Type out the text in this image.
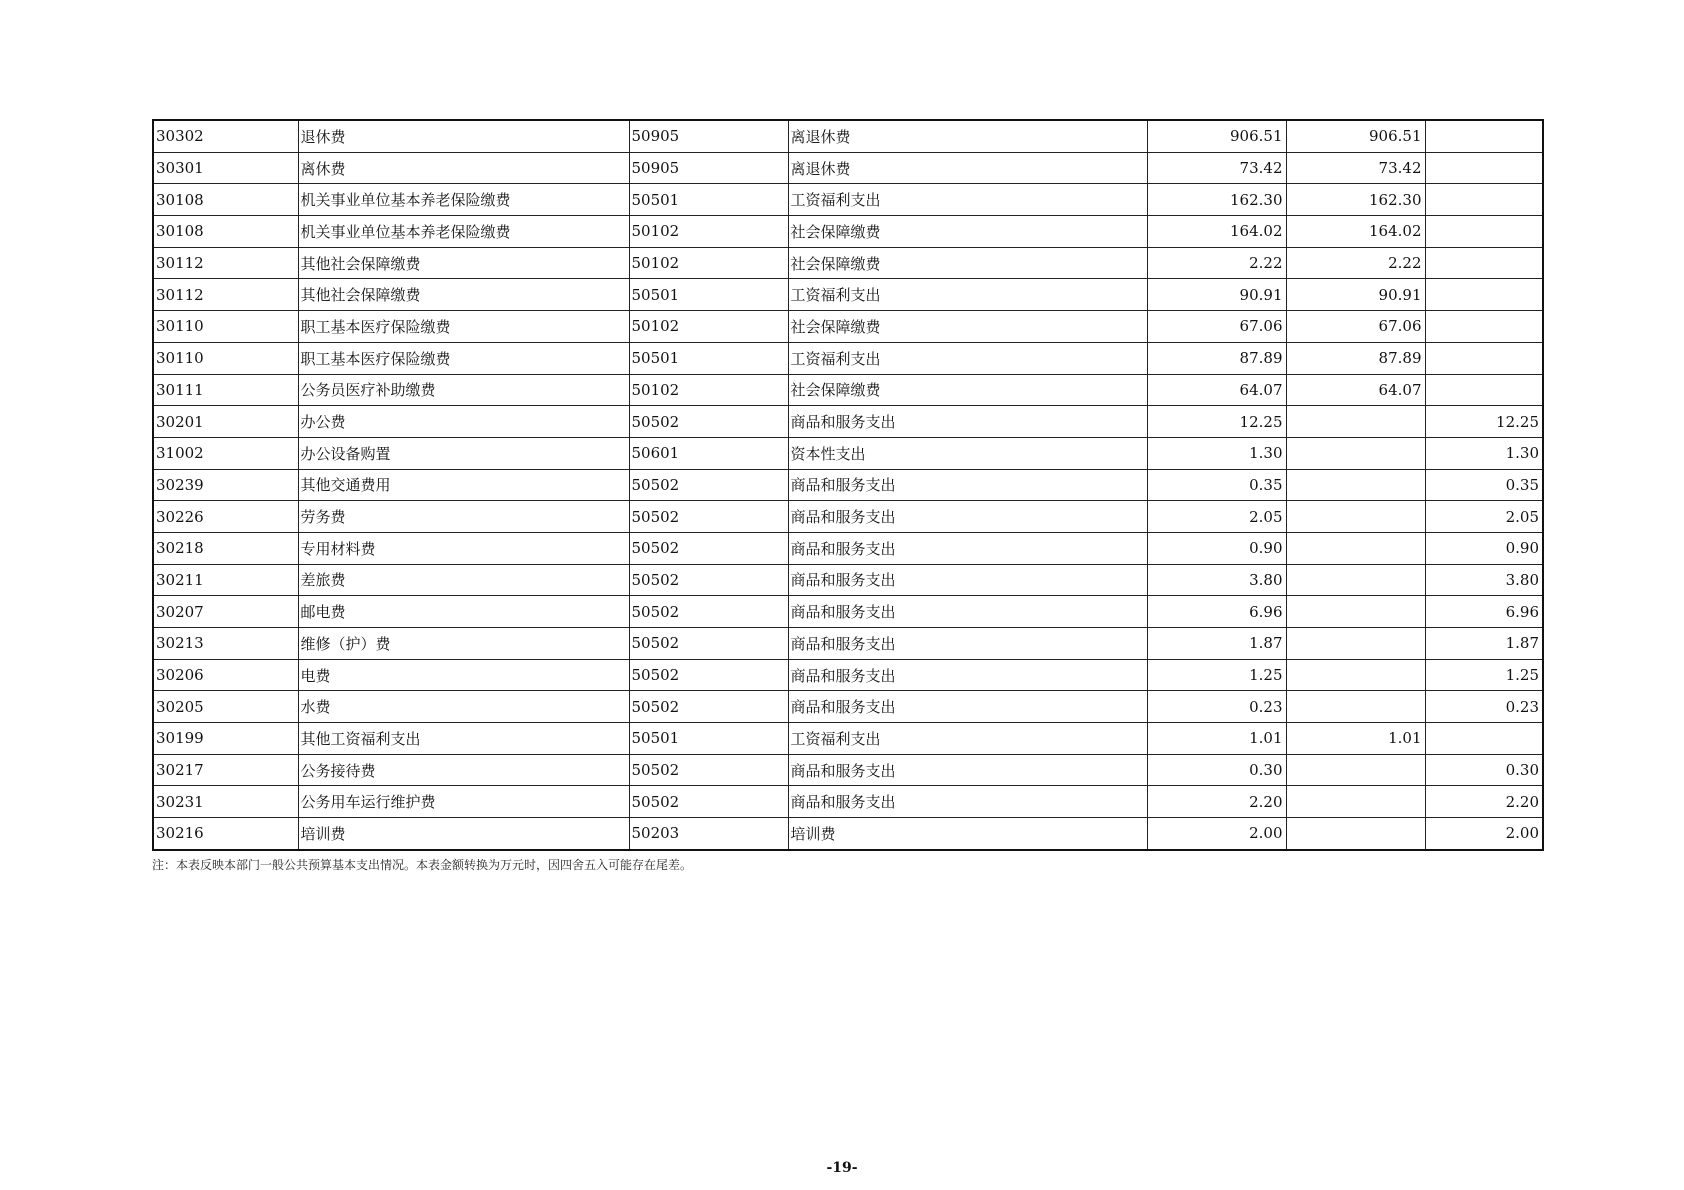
30302	退休费	50905	离退休费	906.51	906.51	
30301	离休费	50905	离退休费	73.42	73.42	
30108	机关事业单位基本养老保险缴费	50501	工资福利支出	162.30	162.30	
30108	机关事业单位基本养老保险缴费	50102	社会保障缴费	164.02	164.02	
30112	其他社会保障缴费	50102	社会保障缴费	2.22	2.22	
30112	其他社会保障缴费	50501	工资福利支出	90.91	90.91	
30110	职工基本医疗保险缴费	50102	社会保障缴费	67.06	67.06	
30110	职工基本医疗保险缴费	50501	工资福利支出	87.89	87.89	
30111	公务员医疗补助缴费	50102	社会保障缴费	64.07	64.07	
30201	办公费	50502	商品和服务支出	12.25		12.25
31002	办公设备购置	50601	资本性支出	1.30		1.30
30239	其他交通费用	50502	商品和服务支出	0.35		0.35
30226	劳务费	50502	商品和服务支出	2.05		2.05
30218	专用材料费	50502	商品和服务支出	0.90		0.90
30211	差旅费	50502	商品和服务支出	3.80		3.80
30207	邮电费	50502	商品和服务支出	6.96		6.96
30213	维修（护）费	50502	商品和服务支出	1.87		1.87
30206	电费	50502	商品和服务支出	1.25		1.25
30205	水费	50502	商品和服务支出	0.23		0.23
30199	其他工资福利支出	50501	工资福利支出	1.01	1.01	
30217	公务接待费	50502	商品和服务支出	0.30		0.30
30231	公务用车运行维护费	50502	商品和服务支出	2.20		2.20
30216	培训费	50203	培训费	2.00		2.00
注：本表反映本部门一般公共预算基本支出情况。本表金额转换为万元时，因四舍五入可能存在尾差。
-19-
